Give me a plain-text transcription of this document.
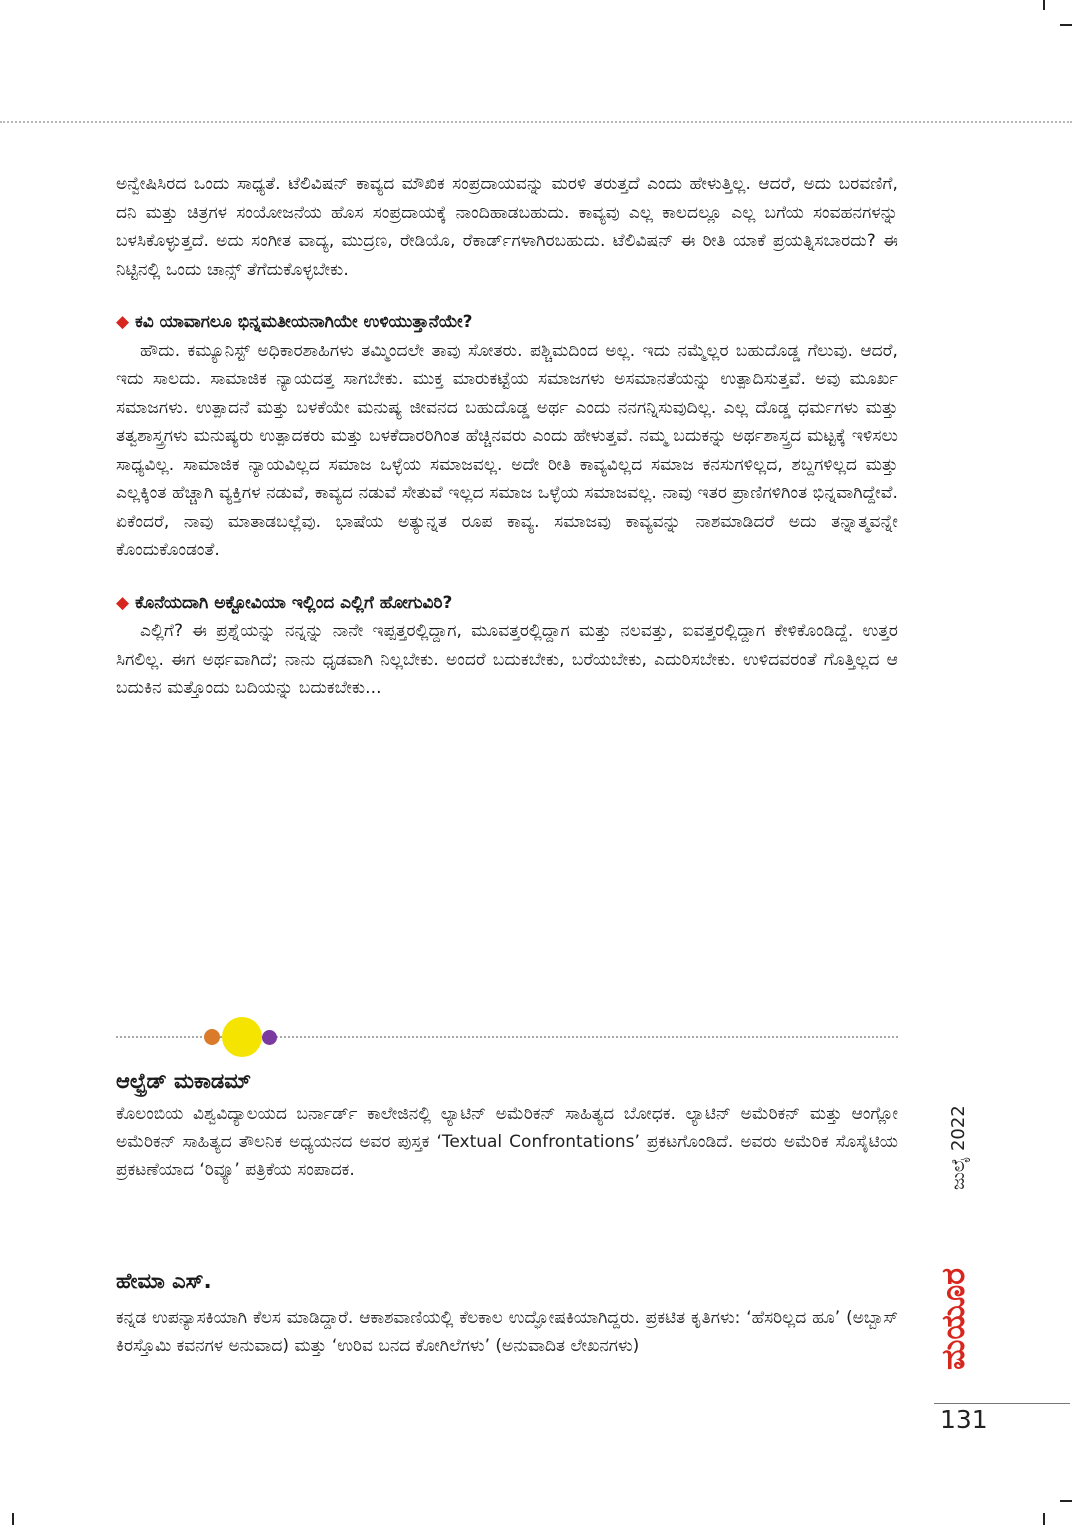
ಅನ್ವೇಷಿಸಿರದ ಒಂದು ಸಾಧ್ಯತೆ. ಟೆಲಿವಿಷನ್ ಕಾವ್ಯದ ಮೌಖಿಕ ಸಂಪ್ರದಾಯವನ್ನು ಮರಳಿ ತರುತ್ತದೆ ಎಂದು ಹೇಳುತ್ತಿಲ್ಲ. ಆದರೆ, ಅದು ಬರವಣಿಗೆ, ದನಿ ಮತ್ತು ಚಿತ್ರಗಳ ಸಂಯೋಜನೆಯ ಹೊಸ ಸಂಪ್ರದಾಯಕ್ಕೆ ನಾಂದಿಹಾಡಬಹುದು. ಕಾವ್ಯವು ಎಲ್ಲ ಕಾಲದಲ್ಲೂ ಎಲ್ಲ ಬಗೆಯ ಸಂವಹನಗಳನ್ನು ಬಳಸಿಕೊಳ್ಳುತ್ತದೆ. ಅದು ಸಂಗೀತ ವಾದ್ಯ, ಮುದ್ರಣ, ರೇಡಿಯೊ, ರೆಕಾರ್ಡ್‌ಗಳಾಗಿರಬಹುದು. ಟೆಲಿವಿಷನ್ ಈ ರೀತಿ ಯಾಕೆ ಪ್ರಯತ್ನಿಸಬಾರದು? ಈ ನಿಟ್ಟಿನಲ್ಲಿ ಒಂದು ಚಾನ್ಸ್ ತೆಗೆದುಕೊಳ್ಳಬೇಕು.

◆ ಕವಿ ಯಾವಾಗಲೂ ಭಿನ್ನಮತೀಯನಾಗಿಯೇ ಉಳಿಯುತ್ತಾನೆಯೇ?

ಹೌದು. ಕಮ್ಯೂನಿಸ್ಟ್ ಅಧಿಕಾರಶಾಹಿಗಳು ತಮ್ಮಿಂದಲೇ ತಾವು ಸೋತರು. ಪಶ್ಚಿಮದಿಂದ ಅಲ್ಲ. ಇದು ನಮ್ಮೆಲ್ಲರ ಬಹುದೊಡ್ಡ ಗೆಲುವು. ಆದರೆ, ಇದು ಸಾಲದು. ಸಾಮಾಜಿಕ ನ್ಯಾಯದತ್ತ ಸಾಗಬೇಕು. ಮುಕ್ತ ಮಾರುಕಟ್ಟೆಯ ಸಮಾಜಗಳು ಅಸಮಾನತೆಯನ್ನು ಉತ್ಪಾದಿಸುತ್ತವೆ. ಅವು ಮೂರ್ಖ ಸಮಾಜಗಳು. ಉತ್ಪಾದನೆ ಮತ್ತು ಬಳಕೆಯೇ ಮನುಷ್ಯ ಜೀವನದ ಬಹುದೊಡ್ಡ ಅರ್ಥ ಎಂದು ನನಗನ್ನಿಸುವುದಿಲ್ಲ. ಎಲ್ಲ ದೊಡ್ಡ ಧರ್ಮಗಳು ಮತ್ತು ತತ್ವಶಾಸ್ತ್ರಗಳು ಮನುಷ್ಯರು ಉತ್ಪಾದಕರು ಮತ್ತು ಬಳಕೆದಾರರಿಗಿಂತ ಹೆಚ್ಚಿನವರು ಎಂದು ಹೇಳುತ್ತವೆ. ನಮ್ಮ ಬದುಕನ್ನು ಅರ್ಥಶಾಸ್ತ್ರದ ಮಟ್ಟಕ್ಕೆ ಇಳಿಸಲು ಸಾಧ್ಯವಿಲ್ಲ. ಸಾಮಾಜಿಕ ನ್ಯಾಯವಿಲ್ಲದ ಸಮಾಜ ಒಳ್ಳೆಯ ಸಮಾಜವಲ್ಲ. ಅದೇ ರೀತಿ ಕಾವ್ಯವಿಲ್ಲದ ಸಮಾಜ ಕನಸುಗಳಿಲ್ಲದ, ಶಬ್ದಗಳಿಲ್ಲದ ಮತ್ತು ಎಲ್ಲಕ್ಕಿಂತ ಹೆಚ್ಚಾಗಿ ವ್ಯಕ್ತಿಗಳ ನಡುವೆ, ಕಾವ್ಯದ ನಡುವೆ ಸೇತುವೆ ಇಲ್ಲದ ಸಮಾಜ ಒಳ್ಳೆಯ ಸಮಾಜವಲ್ಲ. ನಾವು ಇತರ ಪ್ರಾಣಿಗಳಿಗಿಂತ ಭಿನ್ನವಾಗಿದ್ದೇವೆ. ಏಕೆಂದರೆ, ನಾವು ಮಾತಾಡಬಲ್ಲೆವು. ಭಾಷೆಯ ಅತ್ಯುನ್ನತ ರೂಪ ಕಾವ್ಯ. ಸಮಾಜವು ಕಾವ್ಯವನ್ನು ನಾಶಮಾಡಿದರೆ ಅದು ತನ್ನಾತ್ಮವನ್ನೇ ಕೊಂದುಕೊಂಡಂತೆ.

◆ ಕೊನೆಯದಾಗಿ ಅಕ್ಟೋವಿಯಾ ಇಲ್ಲಿಂದ ಎಲ್ಲಿಗೆ ಹೋಗುವಿರಿ?

ಎಲ್ಲಿಗೆ? ಈ ಪ್ರಶ್ನೆಯನ್ನು ನನ್ನನ್ನು ನಾನೇ ಇಪ್ಪತ್ತರಲ್ಲಿದ್ದಾಗ, ಮೂವತ್ತರಲ್ಲಿದ್ದಾಗ ಮತ್ತು ನಲವತ್ತು, ಐವತ್ತರಲ್ಲಿದ್ದಾಗ ಕೇಳಿಕೊಂಡಿದ್ದೆ. ಉತ್ತರ ಸಿಗಲಿಲ್ಲ. ಈಗ ಅರ್ಥವಾಗಿದೆ; ನಾನು ಧೃಡವಾಗಿ ನಿಲ್ಲಬೇಕು. ಅಂದರೆ ಬದುಕಬೇಕು, ಬರೆಯಬೇಕು, ಎದುರಿಸಬೇಕು. ಉಳಿದವರಂತೆ ಗೊತ್ತಿಲ್ಲದ ಆ ಬದುಕಿನ ಮತ್ತೊಂದು ಬದಿಯನ್ನು ಬದುಕಬೇಕು...

ಆಲ್ಫ್ರೆಡ್ ಮಕಾಡಮ್

ಕೊಲಂಬಿಯ ವಿಶ್ವವಿದ್ಯಾಲಯದ ಬರ್ನಾರ್ಡ್ ಕಾಲೇಜಿನಲ್ಲಿ ಲ್ಯಾಟಿನ್ ಅಮೆರಿಕನ್ ಸಾಹಿತ್ಯದ ಬೋಧಕ. ಲ್ಯಾಟಿನ್ ಅಮೆರಿಕನ್ ಮತ್ತು ಆಂಗ್ಲೋ ಅಮೆರಿಕನ್ ಸಾಹಿತ್ಯದ ತೌಲನಿಕ ಅಧ್ಯಯನದ ಅವರ ಪುಸ್ತಕ ‘Textual Confrontations’ ಪ್ರಕಟಗೊಂಡಿದೆ. ಅವರು ಅಮೆರಿಕ ಸೊಸೈಟಿಯ ಪ್ರಕಟಣೆಯಾದ ‘ರಿವ್ಯೂ’ ಪತ್ರಿಕೆಯ ಸಂಪಾದಕ.

ಹೇಮಾ ಎಸ್.

ಕನ್ನಡ ಉಪನ್ಯಾಸಕಿಯಾಗಿ ಕೆಲಸ ಮಾಡಿದ್ದಾರೆ. ಆಕಾಶವಾಣಿಯಲ್ಲಿ ಕೆಲಕಾಲ ಉದ್ಘೋಷಕಿಯಾಗಿದ್ದರು. ಪ್ರಕಟಿತ ಕೃತಿಗಳು: ‘ಹೆಸರಿಲ್ಲದ ಹೂ’ (ಅಬ್ಬಾಸ್ ಕಿರಸ್ತೊಮಿ ಕವನಗಳ ಅನುವಾದ) ಮತ್ತು ‘ಉರಿವ ಬನದ ಕೋಗಿಲೆಗಳು’ (ಅನುವಾದಿತ ಲೇಖನಗಳು)

ಜುಲೈ 2022
ಮಯೂರ
131
